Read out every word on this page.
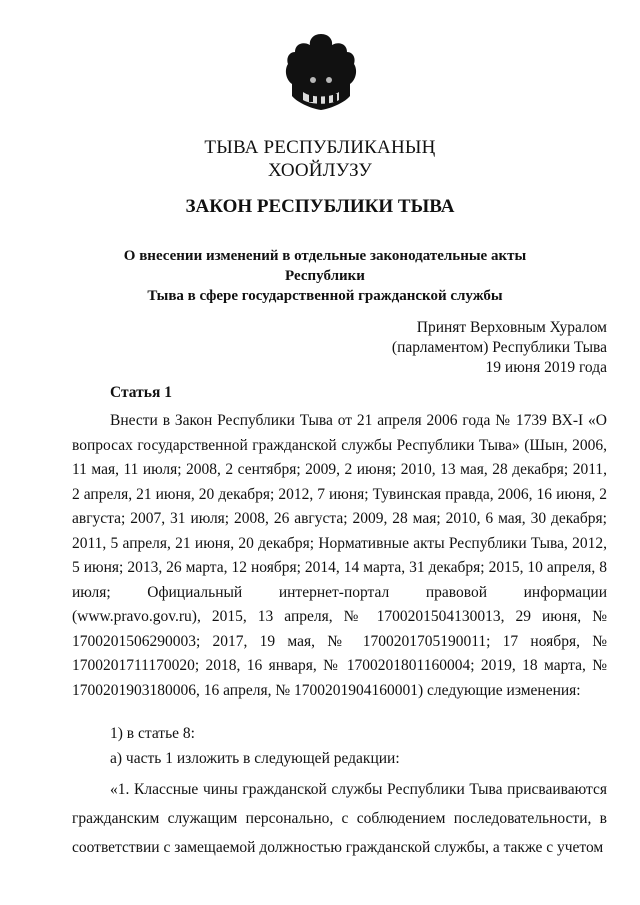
ТЫВА РЕСПУБЛИКАНЫҢ
ХООЙЛУЗУ
ЗАКОН РЕСПУБЛИКИ ТЫВА
О внесении изменений в отдельные законодательные акты Республики
Тыва в сфере государственной гражданской службы
Принят Верховным Хуралом
(парламентом) Республики Тыва
19 июня 2019 года
Статья 1

Внести в Закон Республики Тыва от 21 апреля 2006 года № 1739 ВХ-I «О вопросах государственной гражданской службы Республики Тыва» (Шын, 2006, 11 мая, 11 июля; 2008, 2 сентября; 2009, 2 июня; 2010, 13 мая, 28 декабря; 2011, 2 апреля, 21 июня, 20 декабря; 2012, 7 июня; Тувинская правда, 2006, 16 июня, 2 августа; 2007, 31 июля; 2008, 26 августа; 2009, 28 мая; 2010, 6 мая, 30 декабря; 2011, 5 апреля, 21 июня, 20 декабря; Нормативные акты Республики Тыва, 2012, 5 июня; 2013, 26 марта, 12 ноября; 2014, 14 марта, 31 декабря; 2015, 10 апреля, 8 июля; Официальный интернет-портал правовой информации (www.pravo.gov.ru), 2015, 13 апреля, № 1700201504130013, 29 июня, № 1700201506290003; 2017, 19 мая, № 1700201705190011; 17 ноября, № 1700201711170020; 2018, 16 января, № 1700201801160004; 2019, 18 марта, № 1700201903180006, 16 апреля, № 1700201904160001) следующие изменения:

1) в статье 8:
а) часть 1 изложить в следующей редакции:

«1. Классные чины гражданской службы Республики Тыва присваиваются гражданским служащим персонально, с соблюдением последовательности, в соответствии с замещаемой должностью гражданской службы, а также с учетом
